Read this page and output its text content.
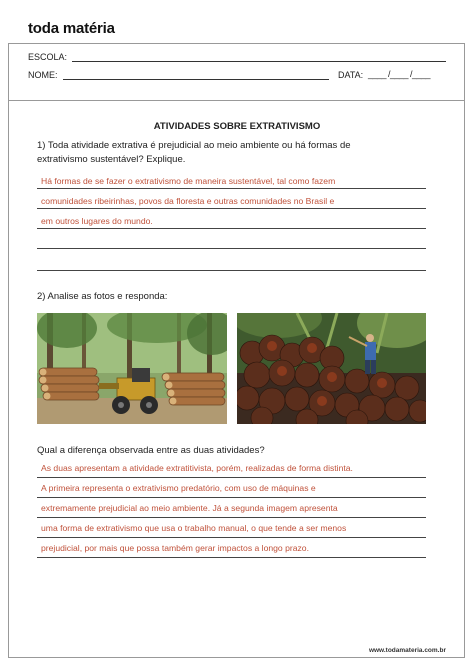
toda matéria
ESCOLA:
NOME:	DATA: ____ /____ /____
ATIVIDADES SOBRE EXTRATIVISMO
1) Toda atividade extrativa é prejudicial ao meio ambiente ou há formas de
extrativismo sustentável? Explique.
Há formas de se fazer o extrativismo de maneira sustentável, tal como fazem
comunidades ribeirinhas, povos da floresta e outras comunidades no Brasil e
em outros lugares do mundo.
2) Analise as fotos e responda:
Qual a diferença observada entre as duas atividades?
As duas apresentam a atividade extratitivista, porém, realizadas de forma distinta.
A primeira representa o extrativismo predatório, com uso de máquinas e
extremamente prejudicial ao meio ambiente. Já a segunda imagem apresenta
uma forma de extrativismo que usa o trabalho manual, o que tende a ser menos
prejudicial, por mais que possa também gerar impactos a longo prazo.
www.todamateria.com.br
